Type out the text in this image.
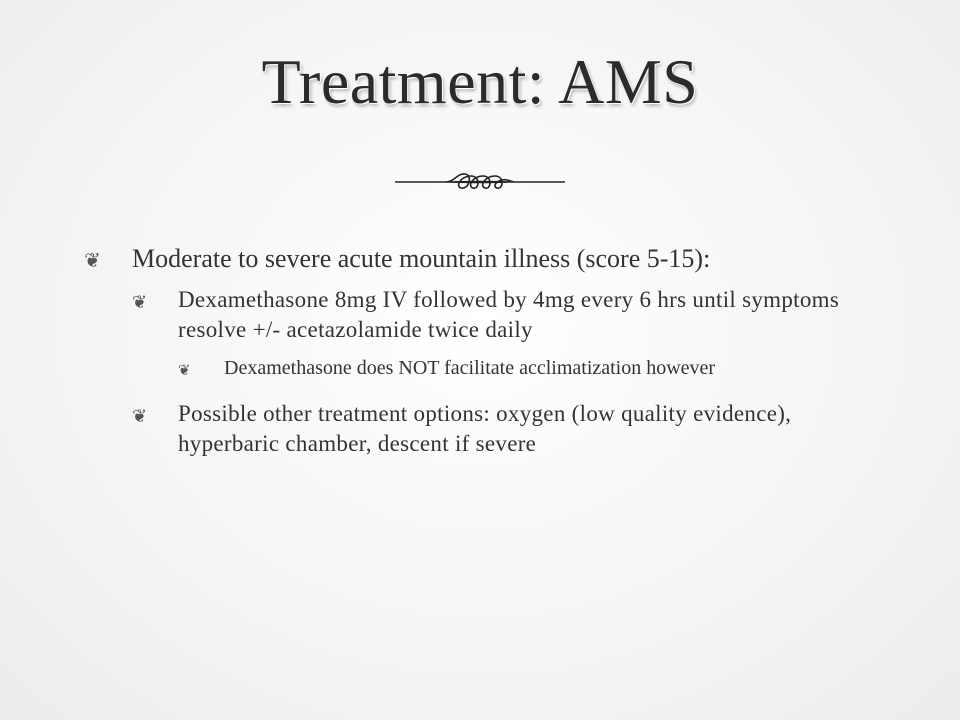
Treatment: AMS
❦ Moderate to severe acute mountain illness (score 5-15):
❦ Dexamethasone 8mg IV followed by 4mg every 6 hrs until symptoms resolve +/- acetazolamide twice daily
❦ Dexamethasone does NOT facilitate acclimatization however
❦ Possible other treatment options: oxygen (low quality evidence), hyperbaric chamber, descent if severe
